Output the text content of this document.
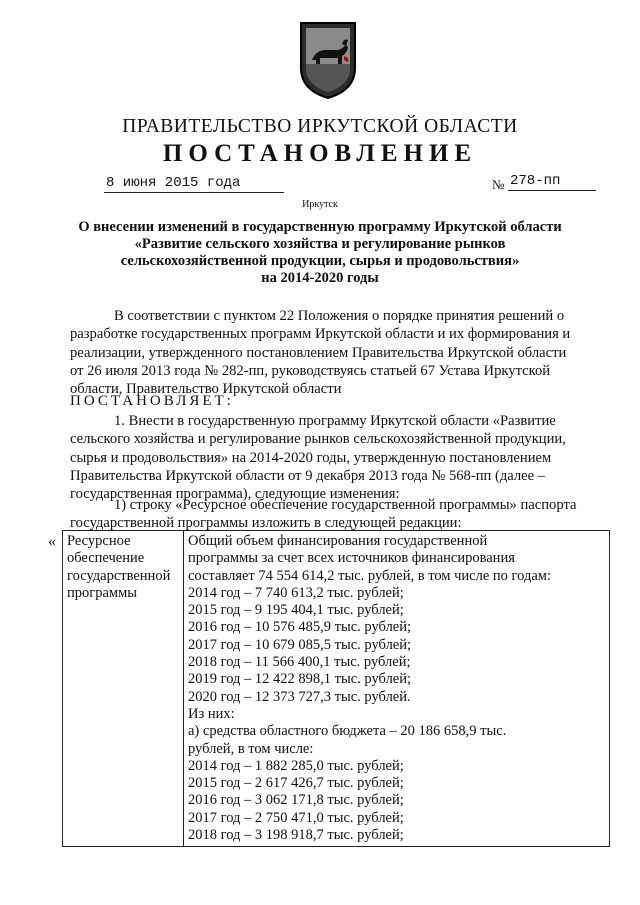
ПРАВИТЕЛЬСТВО ИРКУТСКОЙ ОБЛАСТИ
ПОСТАНОВЛЕНИЕ
8 июня 2015 года	№ 278-пп
Иркутск
О внесении изменений в государственную программу Иркутской области
«Развитие сельского хозяйства и регулирование рынков
сельскохозяйственной продукции, сырья и продовольствия»
на 2014-2020 годы
В соответствии с пунктом 22 Положения о порядке принятия решений о
разработке государственных программ Иркутской области и их формирования и
реализации, утвержденного постановлением Правительства Иркутской области
от 26 июля 2013 года № 282-пп, руководствуясь статьей 67 Устава Иркутской
области, Правительство Иркутской области
ПОСТАНОВЛЯЕТ:
1. Внести в государственную программу Иркутской области «Развитие
сельского хозяйства и регулирование рынков сельскохозяйственной продукции,
сырья и продовольствия» на 2014-2020 годы, утвержденную постановлением
Правительства Иркутской области от 9 декабря 2013 года № 568-пп (далее –
государственная программа), следующие изменения:
1) строку «Ресурсное обеспечение государственной программы» паспорта
государственной программы изложить в следующей редакции:
« Ресурсное
обеспечение
государственной
программы

Общий объем финансирования государственной
программы за счет всех источников финансирования
составляет 74 554 614,2 тыс. рублей, в том числе по годам:
2014 год – 7 740 613,2 тыс. рублей;
2015 год – 9 195 404,1 тыс. рублей;
2016 год – 10 576 485,9 тыс. рублей;
2017 год – 10 679 085,5 тыс. рублей;
2018 год – 11 566 400,1 тыс. рублей;
2019 год – 12 422 898,1 тыс. рублей;
2020 год – 12 373 727,3 тыс. рублей.
Из них:
а) средства областного бюджета – 20 186 658,9 тыс.
рублей, в том числе:
2014 год – 1 882 285,0 тыс. рублей;
2015 год – 2 617 426,7 тыс. рублей;
2016 год – 3 062 171,8 тыс. рублей;
2017 год – 2 750 471,0 тыс. рублей;
2018 год – 3 198 918,7 тыс. рублей;
